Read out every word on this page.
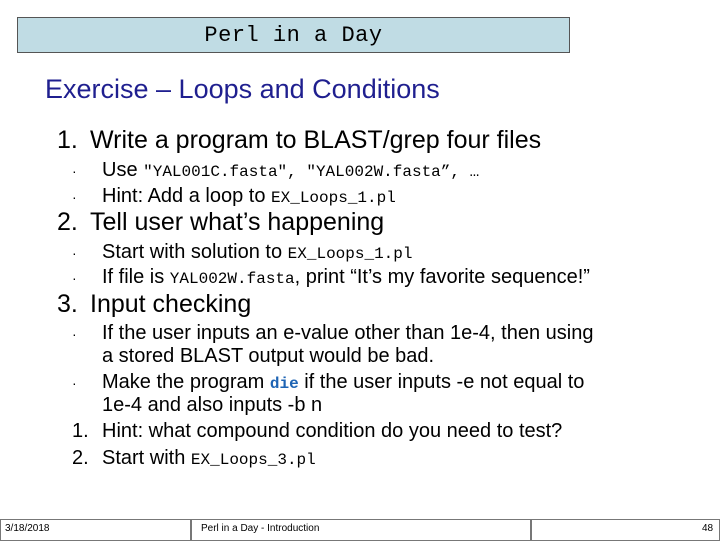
Perl in a Day
Exercise – Loops and Conditions
1. Write a program to BLAST/grep four files
· Use "YAL001C.fasta", "YAL002W.fasta”, …
· Hint: Add a loop to EX_Loops_1.pl
2. Tell user what’s happening
· Start with solution to EX_Loops_1.pl
· If file is YAL002W.fasta, print “It’s my favorite sequence!”
3. Input checking
· If the user inputs an e-value other than 1e-4, then using
a stored BLAST output would be bad.
· Make the program die if the user inputs -e not equal to
1e-4 and also inputs -b n
1. Hint: what compound condition do you need to test?
2. Start with EX_Loops_3.pl
3/18/2018	Perl in a Day - Introduction	48
